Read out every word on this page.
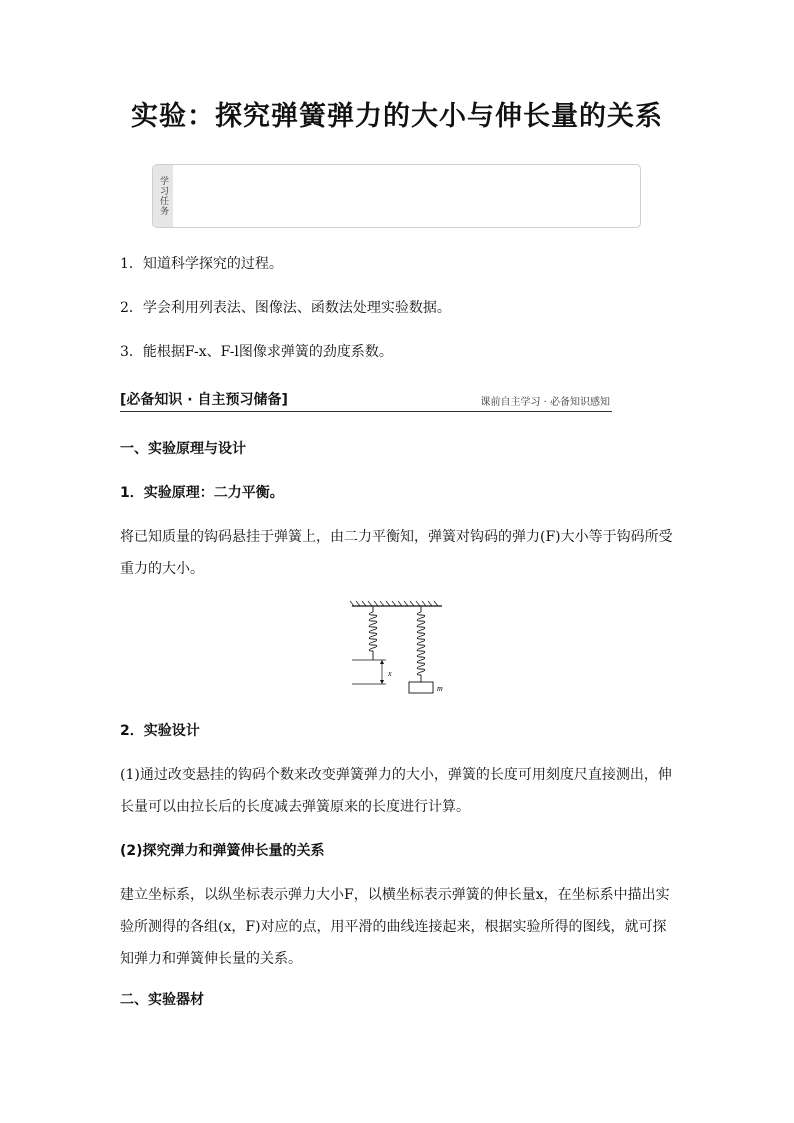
实验：探究弹簧弹力的大小与伸长量的关系
学习任务
1．知道科学探究的过程。
2．学会利用列表法、图像法、函数法处理实验数据。
3．能根据F-x、F-l图像求弹簧的劲度系数。
[必备知识 · 自主预习储备]	课前自主学习 · 必备知识感知
一、实验原理与设计
1．实验原理：二力平衡。
将已知质量的钩码悬挂于弹簧上，由二力平衡知，弹簧对钩码的弹力(F)大小等于钩码所受重力的大小。
x
m
2．实验设计
(1)通过改变悬挂的钩码个数来改变弹簧弹力的大小，弹簧的长度可用刻度尺直接测出，伸长量可以由拉长后的长度减去弹簧原来的长度进行计算。
(2)探究弹力和弹簧伸长量的关系
建立坐标系，以纵坐标表示弹力大小F，以横坐标表示弹簧的伸长量x，在坐标系中描出实验所测得的各组(x，F)对应的点，用平滑的曲线连接起来，根据实验所得的图线，就可探知弹力和弹簧伸长量的关系。
二、实验器材
